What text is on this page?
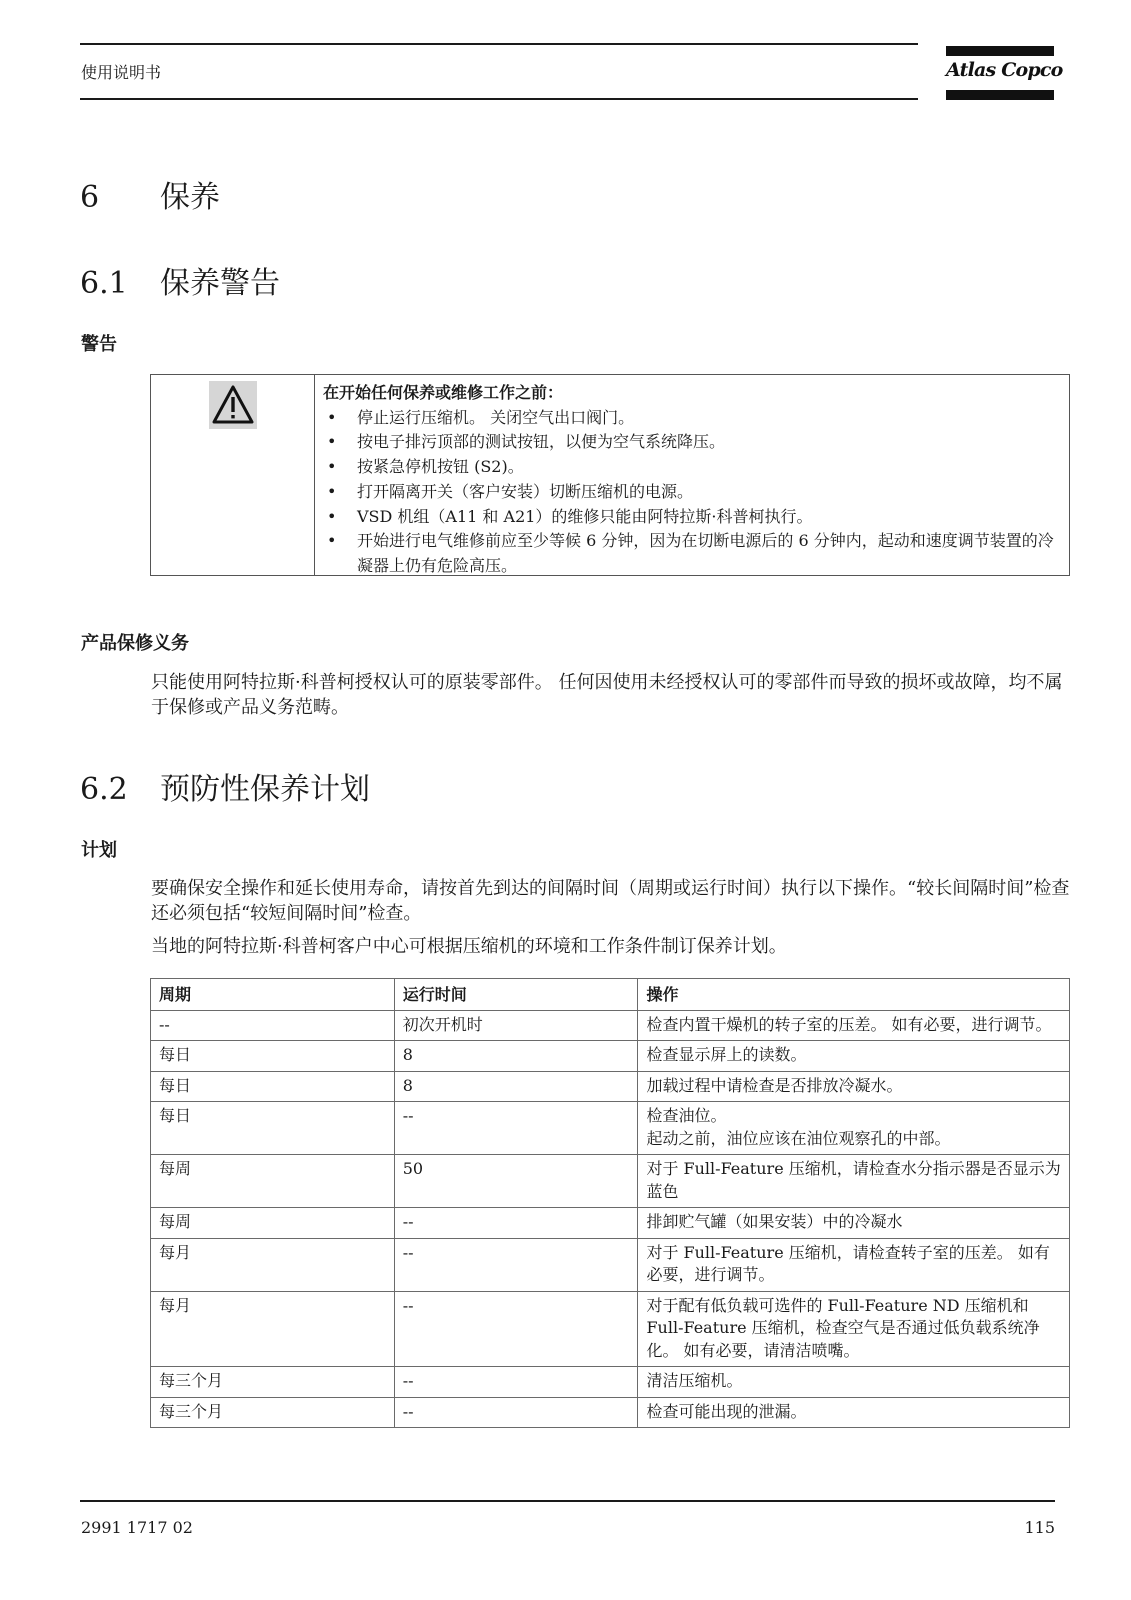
使用说明书	Atlas Copco
6 保养
6.1 保养警告
警告
在开始任何保养或维修工作之前：
• 停止运行压缩机。 关闭空气出口阀门。
• 按电子排污顶部的测试按钮，以便为空气系统降压。
• 按紧急停机按钮 (S2)。
• 打开隔离开关（客户安装）切断压缩机的电源。
• VSD 机组（A11 和 A21）的维修只能由阿特拉斯·科普柯执行。
• 开始进行电气维修前应至少等候 6 分钟，因为在切断电源后的 6 分钟内，起动和速度调节装置的冷凝器上仍有危险高压。
产品保修义务
只能使用阿特拉斯·科普柯授权认可的原装零部件。 任何因使用未经授权认可的零部件而导致的损坏或故障，均不属于保修或产品义务范畴。
6.2 预防性保养计划
计划
要确保安全操作和延长使用寿命，请按首先到达的间隔时间（周期或运行时间）执行以下操作。“较长间隔时间”检查还必须包括“较短间隔时间”检查。
当地的阿特拉斯·科普柯客户中心可根据压缩机的环境和工作条件制订保养计划。
周期	运行时间	操作
--	初次开机时	检查内置干燥机的转子室的压差。 如有必要，进行调节。
每日	8	检查显示屏上的读数。
每日	8	加载过程中请检查是否排放冷凝水。
每日	--	检查油位。
起动之前，油位应该在油位观察孔的中部。
每周	50	对于 Full-Feature 压缩机，请检查水分指示器是否显示为蓝色
每周	--	排卸贮气罐（如果安装）中的冷凝水
每月	--	对于 Full-Feature 压缩机，请检查转子室的压差。 如有必要，进行调节。
每月	--	对于配有低负载可选件的 Full-Feature ND 压缩机和 Full-Feature 压缩机，检查空气是否通过低负载系统净化。 如有必要，请清洁喷嘴。
每三个月	--	清洁压缩机。
每三个月	--	检查可能出现的泄漏。
2991 1717 02	115
